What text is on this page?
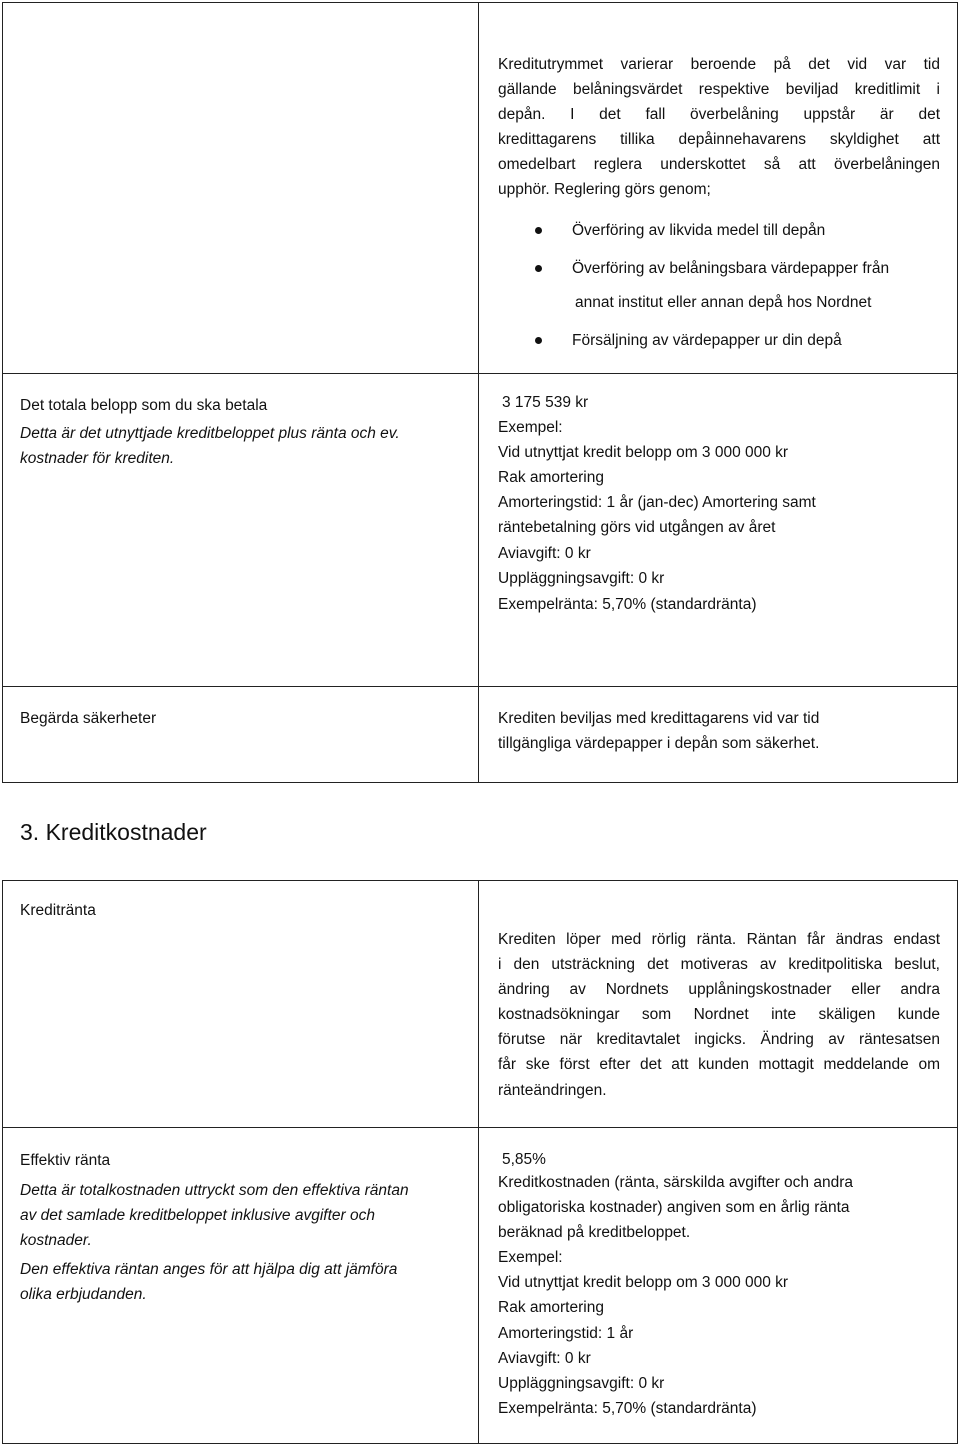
Kreditutrymmet varierar beroende på det vid var tid
gällande belåningsvärdet respektive beviljad kreditlimit i
depån. I det fall överbelåning uppstår är det
kredittagarens tillika depåinnehavarens skyldighet att
omedelbart reglera underskottet så att överbelåningen
upphör. Reglering görs genom;
Överföring av likvida medel till depån
Överföring av belåningsbara värdepapper från
annat institut eller annan depå hos Nordnet
Försäljning av värdepapper ur din depå
Det totala belopp som du ska betala
Detta är det utnyttjade kreditbeloppet plus ränta och ev.
kostnader för krediten.
3 175 539 kr
Exempel:
Vid utnyttjat kredit belopp om 3 000 000 kr
Rak amortering
Amorteringstid: 1 år (jan-dec) Amortering samt
räntebetalning görs vid utgången av året
Aviavgift: 0 kr
Uppläggningsavgift: 0 kr
Exempelränta: 5,70% (standardränta)
Begärda säkerheter	Krediten beviljas med kredittagarens vid var tid
tillgängliga värdepapper i depån som säkerhet.
3. Kreditkostnader
Kreditränta
Krediten löper med rörlig ränta. Räntan får ändras endast
i den utsträckning det motiveras av kreditpolitiska beslut,
ändring av Nordnets upplåningskostnader eller andra
kostnadsökningar som Nordnet inte skäligen kunde
förutse när kreditavtalet ingicks. Ändring av räntesatsen
får ske först efter det att kunden mottagit meddelande om
ränteändringen.
Effektiv ränta
Detta är totalkostnaden uttryckt som den effektiva räntan
av det samlade kreditbeloppet inklusive avgifter och
kostnader.
Den effektiva räntan anges för att hjälpa dig att jämföra
olika erbjudanden.
5,85%
Kreditkostnaden (ränta, särskilda avgifter och andra
obligatoriska kostnader) angiven som en årlig ränta
beräknad på kreditbeloppet.
Exempel:
Vid utnyttjat kredit belopp om 3 000 000 kr
Rak amortering
Amorteringstid: 1 år
Aviavgift: 0 kr
Uppläggningsavgift: 0 kr
Exempelränta: 5,70% (standardränta)
